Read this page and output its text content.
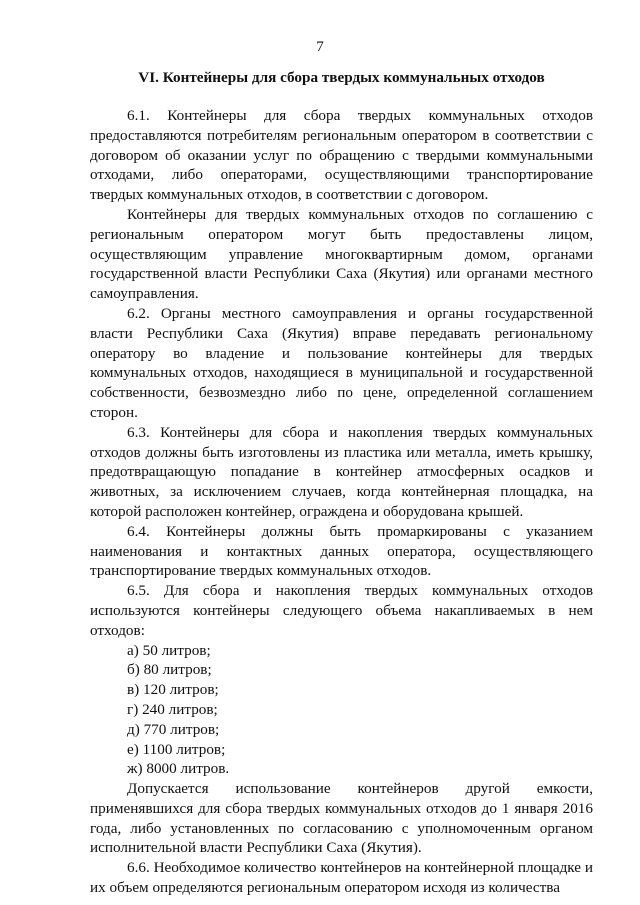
7
VI. Контейнеры для сбора твердых коммунальных отходов

6.1. Контейнеры для сбора твердых коммунальных отходов предоставляются потребителям региональным оператором в соответствии с договором об оказании услуг по обращению с твердыми коммунальными отходами, либо операторами, осуществляющими транспортирование твердых коммунальных отходов, в соответствии с договором.

Контейнеры для твердых коммунальных отходов по соглашению с региональным оператором могут быть предоставлены лицом, осуществляющим управление многоквартирным домом, органами государственной власти Республики Саха (Якутия) или органами местного самоуправления.

6.2. Органы местного самоуправления и органы государственной власти Республики Саха (Якутия) вправе передавать региональному оператору во владение и пользование контейнеры для твердых коммунальных отходов, находящиеся в муниципальной и государственной собственности, безвозмездно либо по цене, определенной соглашением сторон.

6.3. Контейнеры для сбора и накопления твердых коммунальных отходов должны быть изготовлены из пластика или металла, иметь крышку, предотвращающую попадание в контейнер атмосферных осадков и животных, за исключением случаев, когда контейнерная площадка, на которой расположен контейнер, ограждена и оборудована крышей.

6.4. Контейнеры должны быть промаркированы с указанием наименования и контактных данных оператора, осуществляющего транспортирование твердых коммунальных отходов.

6.5. Для сбора и накопления твердых коммунальных отходов используются контейнеры следующего объема накапливаемых в нем отходов:

а) 50 литров;

б) 80 литров;

в) 120 литров;

г) 240 литров;

д) 770 литров;

е) 1100 литров;

ж) 8000 литров.

Допускается использование контейнеров другой емкости, применявшихся для сбора твердых коммунальных отходов до 1 января 2016 года, либо установленных по согласованию с уполномоченным органом исполнительной власти Республики Саха (Якутия).

6.6. Необходимое количество контейнеров на контейнерной площадке и их объем определяются региональным оператором исходя из количества
